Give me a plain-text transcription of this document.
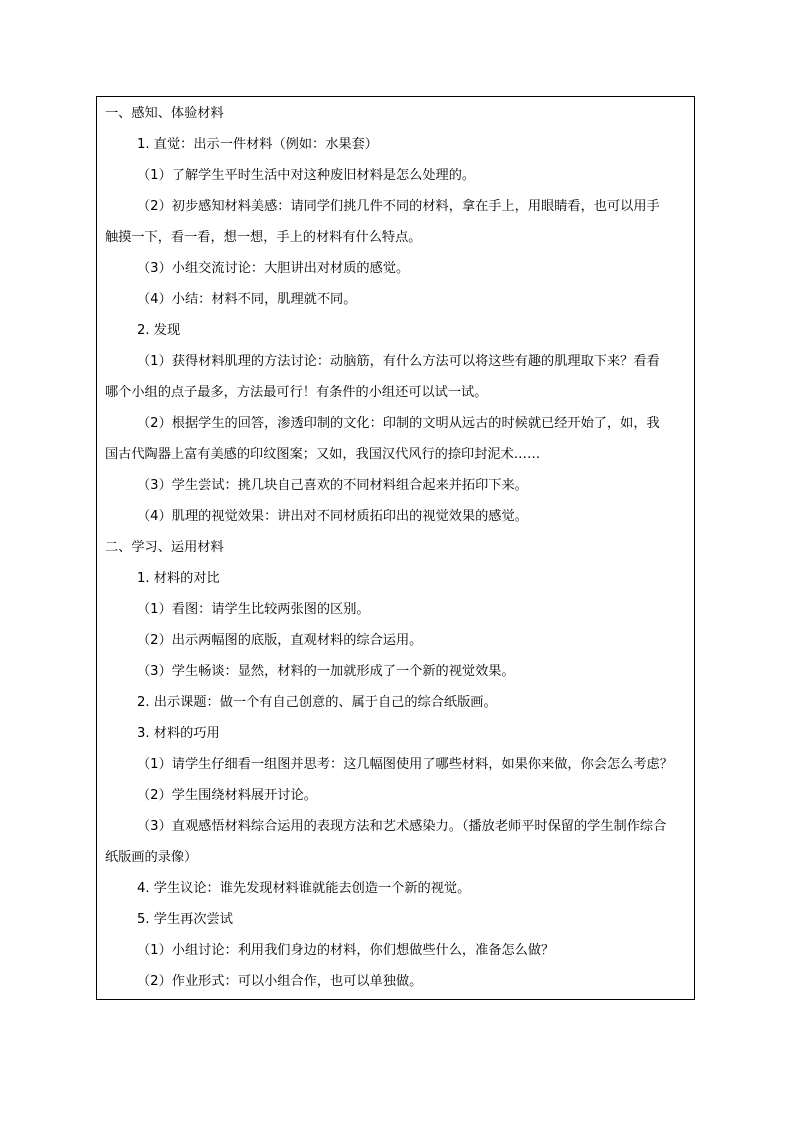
一、感知、体验材料
1. 直觉：出示一件材料（例如：水果套）
（1）了解学生平时生活中对这种废旧材料是怎么处理的。
（2）初步感知材料美感：请同学们挑几件不同的材料，拿在手上，用眼睛看，也可以用手
触摸一下，看一看，想一想，手上的材料有什么特点。
（3）小组交流讨论：大胆讲出对材质的感觉。
（4）小结：材料不同，肌理就不同。
2. 发现
（1）获得材料肌理的方法讨论：动脑筋，有什么方法可以将这些有趣的肌理取下来？看看
哪个小组的点子最多，方法最可行！有条件的小组还可以试一试。
（2）根据学生的回答，渗透印制的文化：印制的文明从远古的时候就已经开始了，如，我
国古代陶器上富有美感的印纹图案；又如，我国汉代风行的捺印封泥术……
（3）学生尝试：挑几块自己喜欢的不同材料组合起来并拓印下来。
（4）肌理的视觉效果：讲出对不同材质拓印出的视觉效果的感觉。
二、学习、运用材料
1. 材料的对比
（1）看图：请学生比较两张图的区别。
（2）出示两幅图的底版，直观材料的综合运用。
（3）学生畅谈：显然，材料的一加就形成了一个新的视觉效果。
2. 出示课题：做一个有自己创意的、属于自己的综合纸版画。
3. 材料的巧用
（1）请学生仔细看一组图并思考：这几幅图使用了哪些材料，如果你来做，你会怎么考虑？
（2）学生围绕材料展开讨论。
（3）直观感悟材料综合运用的表现方法和艺术感染力。（播放老师平时保留的学生制作综合
纸版画的录像）
4. 学生议论：谁先发现材料谁就能去创造一个新的视觉。
5. 学生再次尝试
（1）小组讨论：利用我们身边的材料，你们想做些什么，准备怎么做？
（2）作业形式：可以小组合作，也可以单独做。
